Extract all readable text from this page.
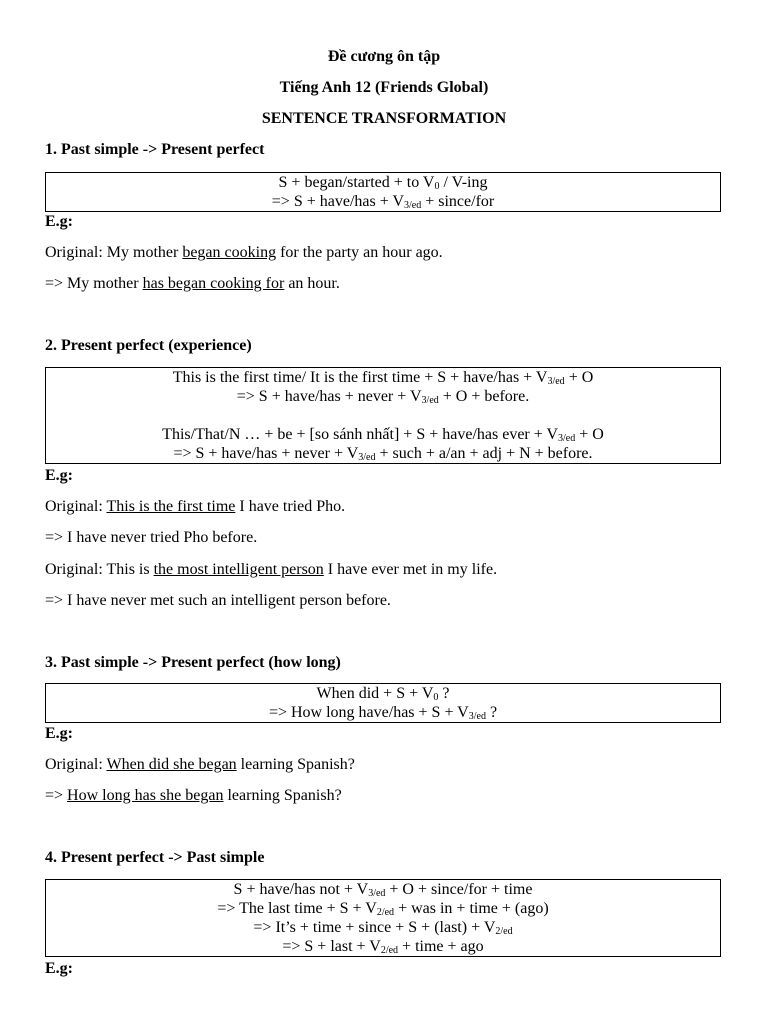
Đề cương ôn tập

Tiếng Anh 12 (Friends Global)

SENTENCE TRANSFORMATION

1. Past simple -> Present perfect

S + began/started + to $V_0 / V-ing$
=> S + have/has + $V_{3/ed}$ + since/for

E.g:

Original: My mother began cooking for the party an hour ago.

=> My mother has began cooking for an hour.

2. Present perfect (experience)

This is the first time/ It is the first time + S + have/has + $V_{3/ed} + O$
=> S + have/has + never + $V_{3/ed} + O$ + before.
This/That/N … + be + [so sánh nhất] + S + have/has ever + $V_{3/ed} + O$
=> S + have/has + never + $V_{3/ed}$ + such + a/an + adj + N + before.

E.g:

Original: This is the first time I have tried Pho.

=> I have never tried Pho before.

Original: This is the most intelligent person I have ever met in my life.

=> I have never met such an intelligent person before.

3. Past simple -> Present perfect (how long)

When did + $S + V_0$ ?
=> How long have/has + $S + V_{3/ed}$ ?

E.g:

Original: When did she began learning Spanish?

=> How long has she began learning Spanish?

4. Present perfect -> Past simple

S + have/has not + $V_{3/ed} + O$ + since/for + time
=> The last time + $S + V_{2/ed}$ + was in + time + (ago)
=> It’s + time + since + S + (last) + $V_{2/ed}$
=> S + last + $V_{2/ed}$ + time + ago

E.g:
